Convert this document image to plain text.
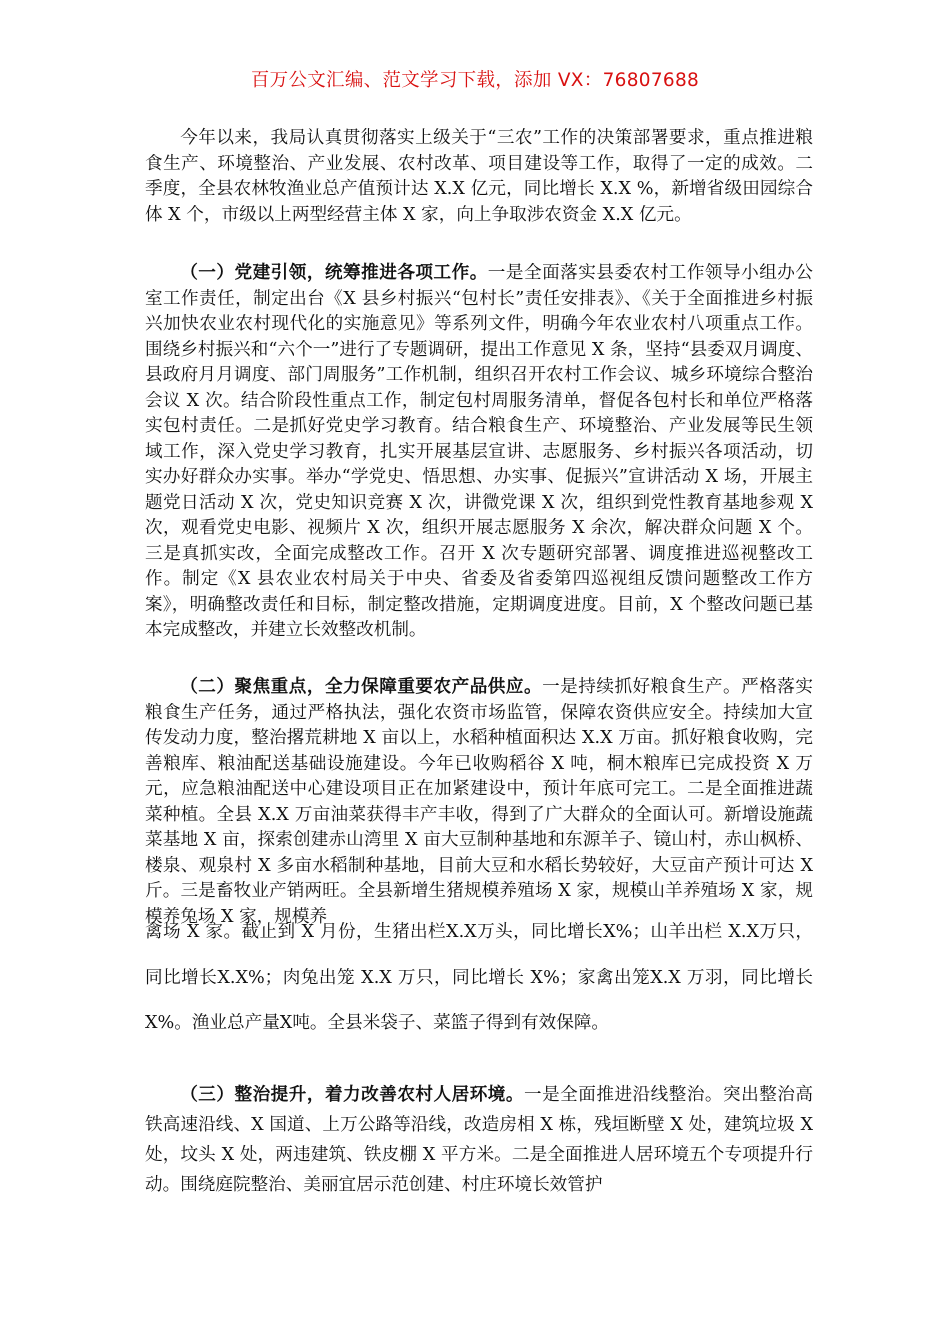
百万公文汇编、范文学习下载，添加 VX：76807688

今年以来，我局认真贯彻落实上级关于“三农”工作的决策部署要求，重点推进粮食生产、环境整治、产业发展、农村改革、项目建设等工作，取得了一定的成效。二季度，全县农林牧渔业总产值预计达 X.X 亿元，同比增长 X.X %，新增省级田园综合体 X 个，市级以上两型经营主体 X 家，向上争取涉农资金 X.X 亿元。

（一）党建引领，统筹推进各项工作。一是全面落实县委农村工作领导小组办公室工作责任，制定出台《X 县乡村振兴“包村长”责任安排表》、《关于全面推进乡村振兴加快农业农村现代化的实施意见》等系列文件，明确今年农业农村八项重点工作。围绕乡村振兴和“六个一”进行了专题调研，提出工作意见 X 条，坚持“县委双月调度、县政府月月调度、部门周服务”工作机制，组织召开农村工作会议、城乡环境综合整治会议 X 次。结合阶段性重点工作，制定包村周服务清单，督促各包村长和单位严格落实包村责任。二是抓好党史学习教育。结合粮食生产、环境整治、产业发展等民生领域工作，深入党史学习教育，扎实开展基层宣讲、志愿服务、乡村振兴各项活动，切实办好群众办实事。举办“学党史、悟思想、办实事、促振兴”宣讲活动 X 场，开展主题党日活动 X 次，党史知识竞赛 X 次，讲微党课 X 次，组织到党性教育基地参观 X 次，观看党史电影、视频片 X 次，组织开展志愿服务 X 余次，解决群众问题 X 个。三是真抓实改，全面完成整改工作。召开 X 次专题研究部署、调度推进巡视整改工作。制定《X 县农业农村局关于中央、省委及省委第四巡视组反馈问题整改工作方案》，明确整改责任和目标，制定整改措施，定期调度进度。目前，X 个整改问题已基本完成整改，并建立长效整改机制。

（二）聚焦重点，全力保障重要农产品供应。一是持续抓好粮食生产。严格落实粮食生产任务，通过严格执法，强化农资市场监管，保障农资供应安全。持续加大宣传发动力度，整治撂荒耕地 X 亩以上，水稻种植面积达 X.X 万亩。抓好粮食收购，完善粮库、粮油配送基础设施建设。今年已收购稻谷 X 吨，桐木粮库已完成投资 X 万元，应急粮油配送中心建设项目正在加紧建设中，预计年底可完工。二是全面推进蔬菜种植。全县 X.X 万亩油菜获得丰产丰收，得到了广大群众的全面认可。新增设施蔬菜基地 X 亩，探索创建赤山湾里 X 亩大豆制种基地和东源羊子、镜山村，赤山枫桥、楼泉、观泉村 X 多亩水稻制种基地，目前大豆和水稻长势较好，大豆亩产预计可达 X 斤。三是畜牧业产销两旺。全县新增生猪规模养殖场 X 家，规模山羊养殖场 X 家，规模养兔场 X 家，规模养

禽场 X 家。截止到 X 月份，生猪出栏X.X万头，同比增长X%；山羊出栏 X.X万只，同比增长X.X%；肉兔出笼 X.X 万只，同比增长 X%；家禽出笼X.X 万羽，同比增长 X%。渔业总产量X吨。全县米袋子、菜篮子得到有效保障。

（三）整治提升，着力改善农村人居环境。一是全面推进沿线整治。突出整治高铁高速沿线、X 国道、上万公路等沿线，改造房相 X 栋，残垣断壁 X 处，建筑垃圾 X 处，坟头 X 处，两违建筑、铁皮棚 X 平方米。二是全面推进人居环境五个专项提升行动。围绕庭院整治、美丽宜居示范创建、村庄环境长效管护
